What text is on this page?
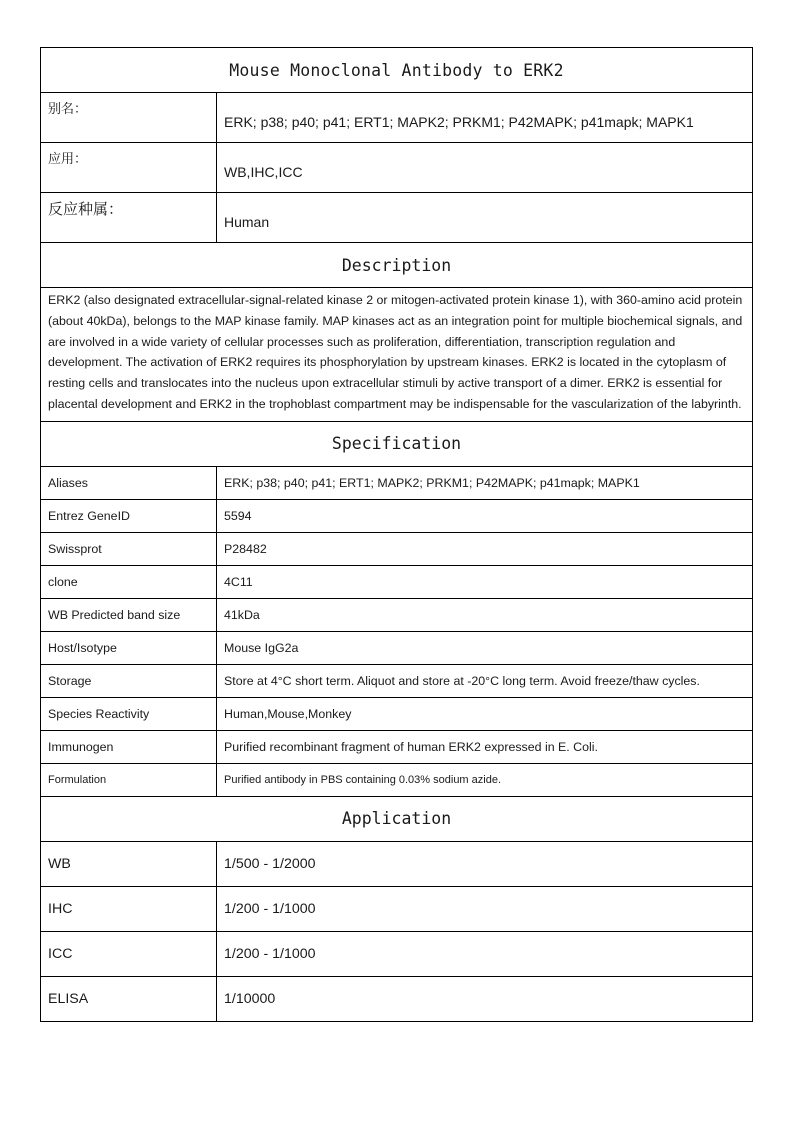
Mouse Monoclonal Antibody to ERK2	
别名：	ERK; p38; p40; p41; ERT1; MAPK2; PRKM1; P42MAPK; p41mapk; MAPK1
应用：	WB,IHC,ICC
反应种属：	Human
Description	
ERK2 (also designated extracellular-signal-related kinase 2 or mitogen-activated protein kinase 1), with 360-amino acid protein (about 40kDa), belongs to the MAP kinase family. MAP kinases act as an integration point for multiple biochemical signals, and are involved in a wide variety of cellular processes such as proliferation, differentiation, transcription regulation and development. The activation of ERK2 requires its phosphorylation by upstream kinases. ERK2 is located in the cytoplasm of resting cells and translocates into the nucleus upon extracellular stimuli by active transport of a dimer. ERK2 is essential for placental development and ERK2 in the trophoblast compartment may be indispensable for the vascularization of the labyrinth.	
Specification	
Aliases	ERK; p38; p40; p41; ERT1; MAPK2; PRKM1; P42MAPK; p41mapk; MAPK1
Entrez GeneID	5594
Swissprot	P28482
clone	4C11
WB Predicted band size	41kDa
Host/Isotype	Mouse IgG2a
Storage	Store at 4°C short term. Aliquot and store at -20°C long term. Avoid freeze/thaw cycles.
Species Reactivity	Human,Mouse,Monkey
Immunogen	Purified recombinant fragment of human ERK2 expressed in E. Coli.
Formulation	Purified antibody in PBS containing 0.03% sodium azide.
Application	
WB	1/500 - 1/2000
IHC	1/200 - 1/1000
ICC	1/200 - 1/1000
ELISA	1/10000
